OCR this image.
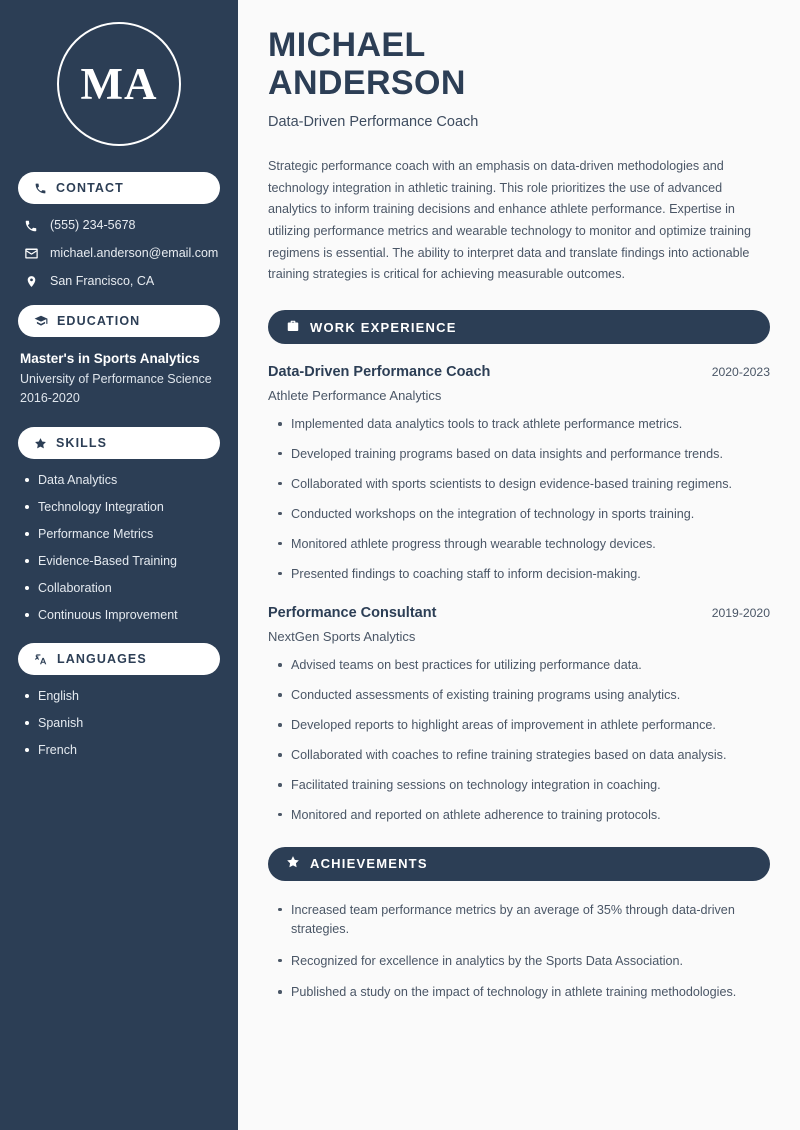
MA
CONTACT
(555) 234-5678
michael.anderson@email.com
San Francisco, CA
EDUCATION
Master's in Sports Analytics
University of Performance Science
2016-2020
SKILLS
Data Analytics
Technology Integration
Performance Metrics
Evidence-Based Training
Collaboration
Continuous Improvement
LANGUAGES
English
Spanish
French
MICHAEL
ANDERSON
Data-Driven Performance Coach

Strategic performance coach with an emphasis on data-driven methodologies and technology integration in athletic training. This role prioritizes the use of advanced analytics to inform training decisions and enhance athlete performance. Expertise in utilizing performance metrics and wearable technology to monitor and optimize training regimens is essential. The ability to interpret data and translate findings into actionable training strategies is critical for achieving measurable outcomes.

WORK EXPERIENCE
Data-Driven Performance Coach	2020-2023
Athlete Performance Analytics
Implemented data analytics tools to track athlete performance metrics.
Developed training programs based on data insights and performance trends.
Collaborated with sports scientists to design evidence-based training regimens.
Conducted workshops on the integration of technology in sports training.
Monitored athlete progress through wearable technology devices.
Presented findings to coaching staff to inform decision-making.
Performance Consultant	2019-2020
NextGen Sports Analytics
Advised teams on best practices for utilizing performance data.
Conducted assessments of existing training programs using analytics.
Developed reports to highlight areas of improvement in athlete performance.
Collaborated with coaches to refine training strategies based on data analysis.
Facilitated training sessions on technology integration in coaching.
Monitored and reported on athlete adherence to training protocols.
ACHIEVEMENTS
Increased team performance metrics by an average of 35% through data-driven strategies.
Recognized for excellence in analytics by the Sports Data Association.
Published a study on the impact of technology in athlete training methodologies.
